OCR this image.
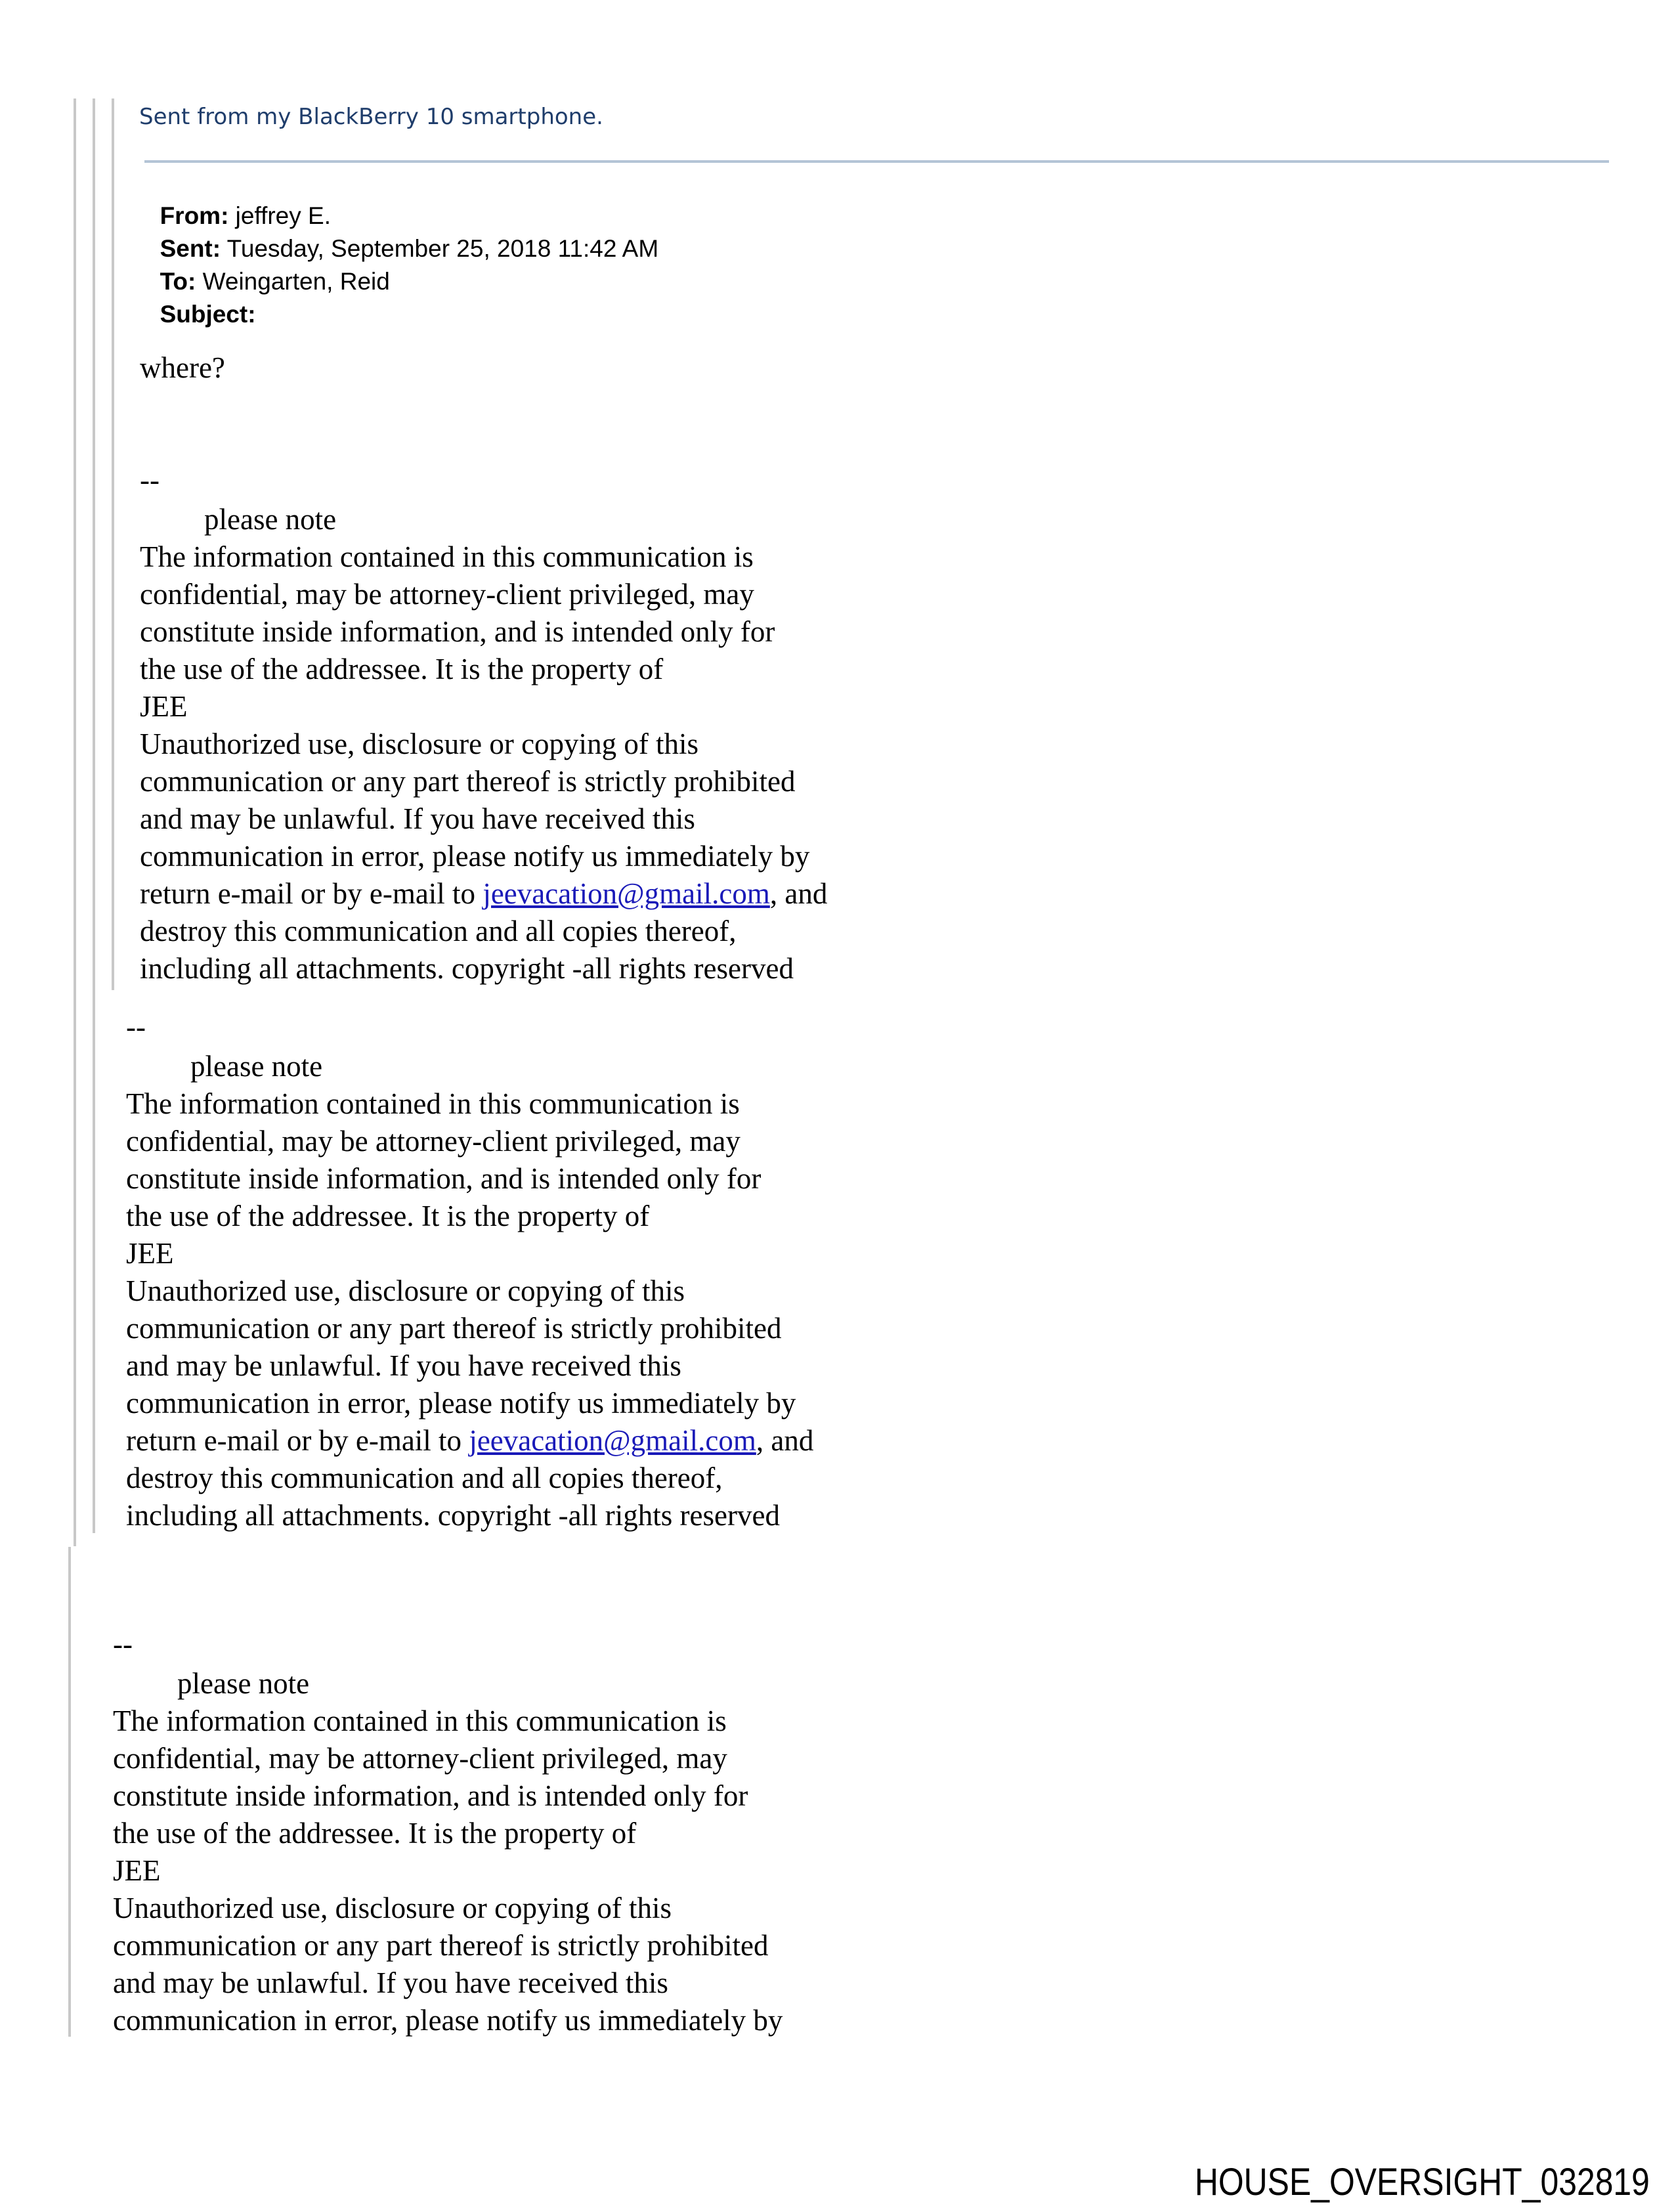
Sent from my BlackBerry 10 smartphone.

From: jeffrey E.

Sent: Tuesday, September 25, 2018 11:42 AM

To: Weingarten, Reid

Subject:

where?
--
please note
The information contained in this communication is
confidential, may be attorney-client privileged, may
constitute inside information, and is intended only for
the use of the addressee. It is the property of
JEE
Unauthorized use, disclosure or copying of this
communication or any part thereof is strictly prohibited
and may be unlawful. If you have received this
communication in error, please notify us immediately by
return e-mail or by e-mail to jeevacation@gmail.com, and
destroy this communication and all copies thereof,
including all attachments. copyright -all rights reserved
--
please note
The information contained in this communication is
confidential, may be attorney-client privileged, may
constitute inside information, and is intended only for
the use of the addressee. It is the property of
JEE
Unauthorized use, disclosure or copying of this
communication or any part thereof is strictly prohibited
and may be unlawful. If you have received this
communication in error, please notify us immediately by
return e-mail or by e-mail to jeevacation@gmail.com, and
destroy this communication and all copies thereof,
including all attachments. copyright -all rights reserved
--
please note
The information contained in this communication is
confidential, may be attorney-client privileged, may
constitute inside information, and is intended only for
the use of the addressee. It is the property of
JEE
Unauthorized use, disclosure or copying of this
communication or any part thereof is strictly prohibited
and may be unlawful. If you have received this
communication in error, please notify us immediately by
HOUSE_OVERSIGHT_032819
